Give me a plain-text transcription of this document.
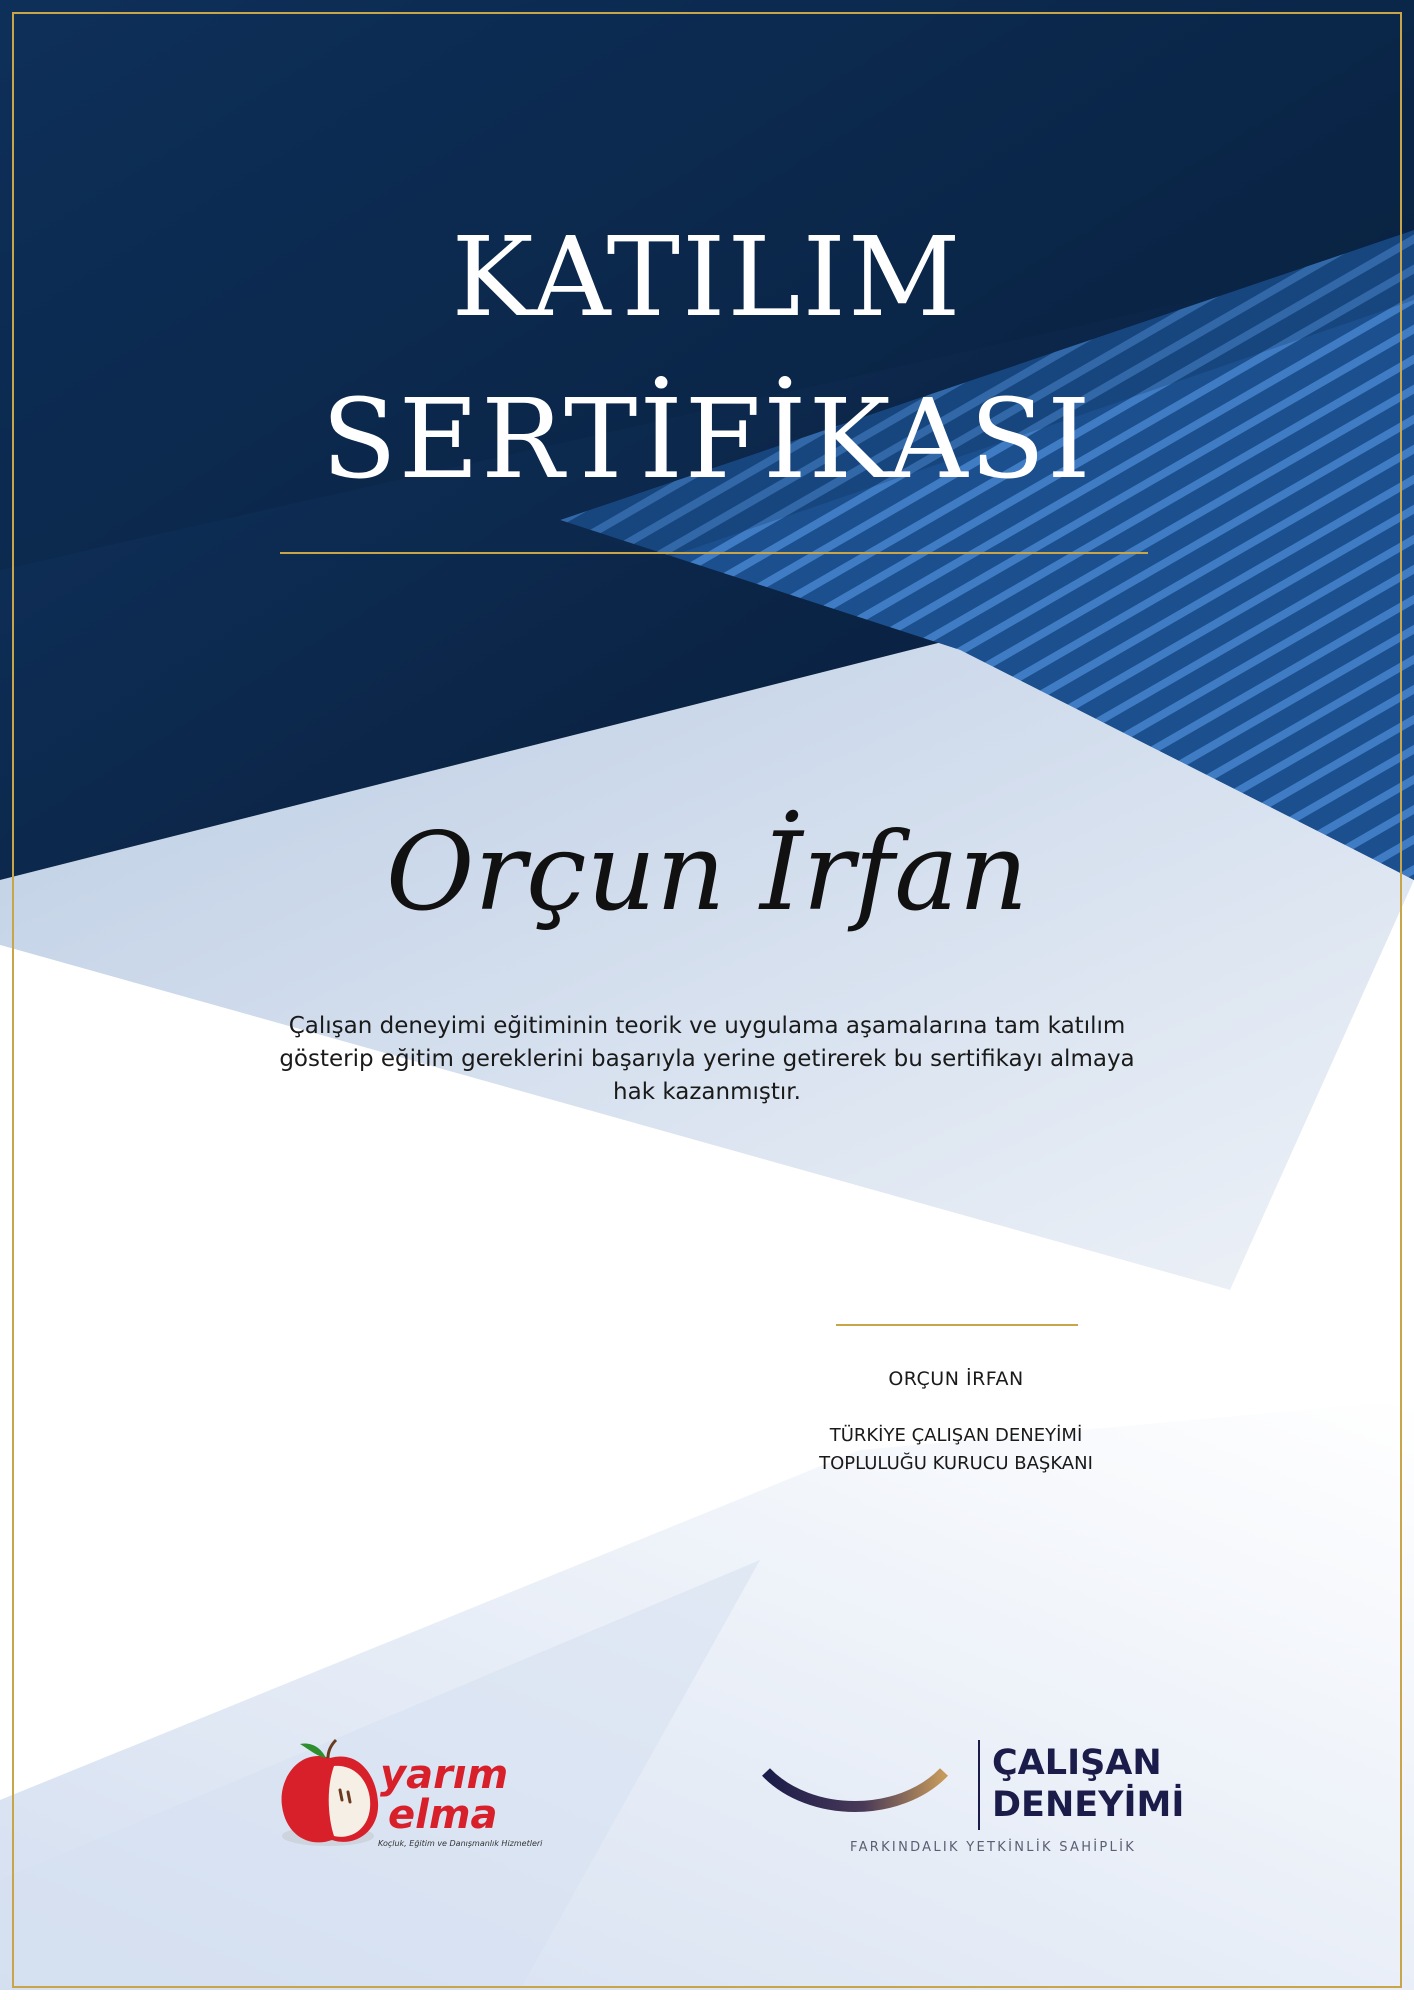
KATILIM
SERTİFİKASI
Orçun İrfan
Çalışan deneyimi eğitiminin teorik ve uygulama aşamalarına tam katılım gösterip eğitim gereklerini başarıyla yerine getirerek bu sertifikayı almaya hak kazanmıştır.
ORÇUN İRFAN
TÜRKİYE ÇALIŞAN DENEYİMİ
TOPLULUĞU KURUCU BAŞKANI
yarım
elma
Koçluk, Eğitim ve Danışmanlık Hizmetleri
ÇALIŞAN
DENEYİMİ
FARKINDALIK YETKİNLİK SAHİPLİK
